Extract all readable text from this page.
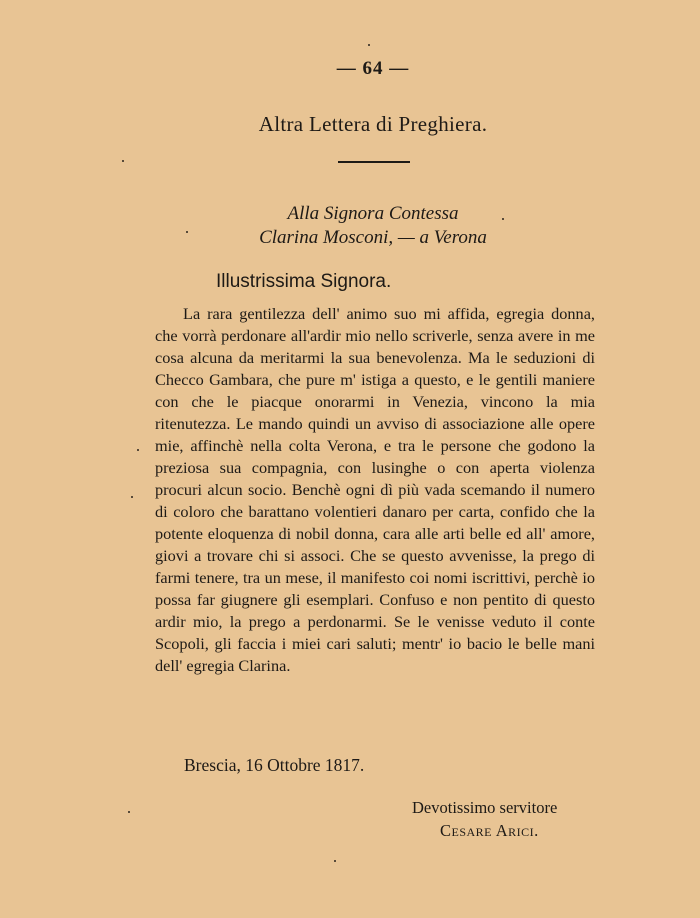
— 64 —
Altra Lettera di Preghiera.
Alla Signora Contessa
Clarina Mosconi, — a Verona
Illustrissima Signora.

La rara gentilezza dell' animo suo mi affida, egregia donna, che vorrà perdonare all'ardir mio nello scriverle, senza avere in me cosa alcuna da meritarmi la sua benevolenza. Ma le seduzioni di Checco Gambara, che pure m' istiga a questo, e le gentili maniere con che le piacque onorarmi in Venezia, vincono la mia ritenutezza. Le mando quindi un avviso di associazione alle opere mie, affinchè nella colta Verona, e tra le persone che godono la preziosa sua compagnia, con lusinghe o con aperta violenza procuri alcun socio. Benchè ogni dì più vada scemando il numero di coloro che barattano volentieri danaro per carta, confido che la potente eloquenza di nobil donna, cara alle arti belle ed all' amore, giovi a trovare chi si associ. Che se questo avvenisse, la prego di farmi tenere, tra un mese, il manifesto coi nomi iscrittivi, perchè io possa far giugnere gli esemplari. Confuso e non pentito di questo ardir mio, la prego a perdonarmi. Se le venisse veduto il conte Scopoli, gli faccia i miei cari saluti; mentr' io bacio le belle mani dell' egregia Clarina.

Brescia, 16 Ottobre 1817.
Devotissimo servitore
Cesare Arici.
